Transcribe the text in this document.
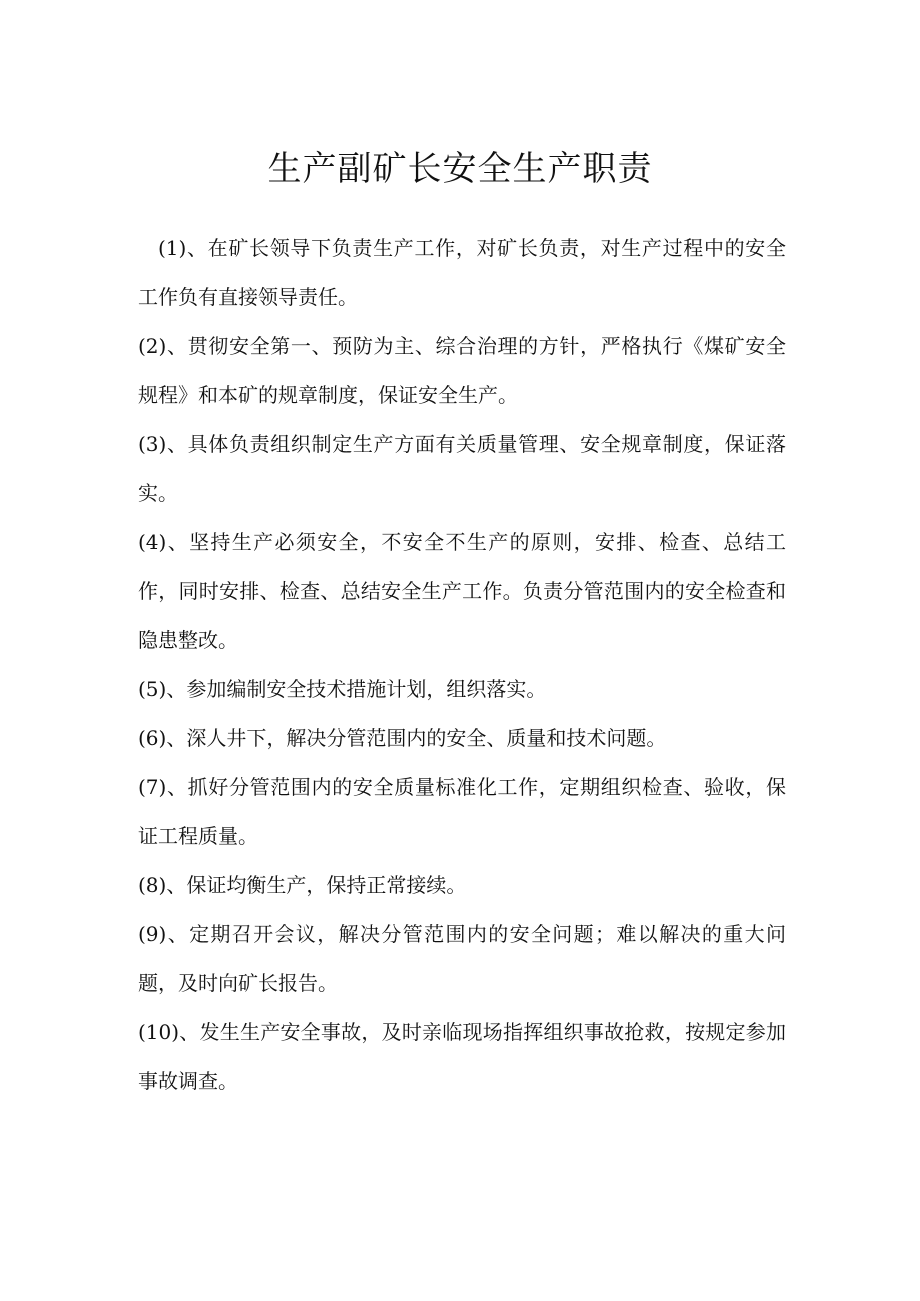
生产副矿长安全生产职责

(1)、在矿长领导下负责生产工作，对矿长负责，对生产过程中的安全工作负有直接领导责任。

(2)、贯彻安全第一、预防为主、综合治理的方针，严格执行《煤矿安全规程》和本矿的规章制度，保证安全生产。

(3)、具体负责组织制定生产方面有关质量管理、安全规章制度，保证落实。

(4)、坚持生产必须安全，不安全不生产的原则，安排、检查、总结工作，同时安排、检查、总结安全生产工作。负责分管范围内的安全检查和隐患整改。

(5)、参加编制安全技术措施计划，组织落实。

(6)、深人井下，解决分管范围内的安全、质量和技术问题。

(7)、抓好分管范围内的安全质量标准化工作，定期组织检查、验收，保证工程质量。

(8)、保证均衡生产，保持正常接续。

(9)、定期召开会议，解决分管范围内的安全问题；难以解决的重大问题，及时向矿长报告。

(10)、发生生产安全事故，及时亲临现场指挥组织事故抢救，按规定参加事故调查。
